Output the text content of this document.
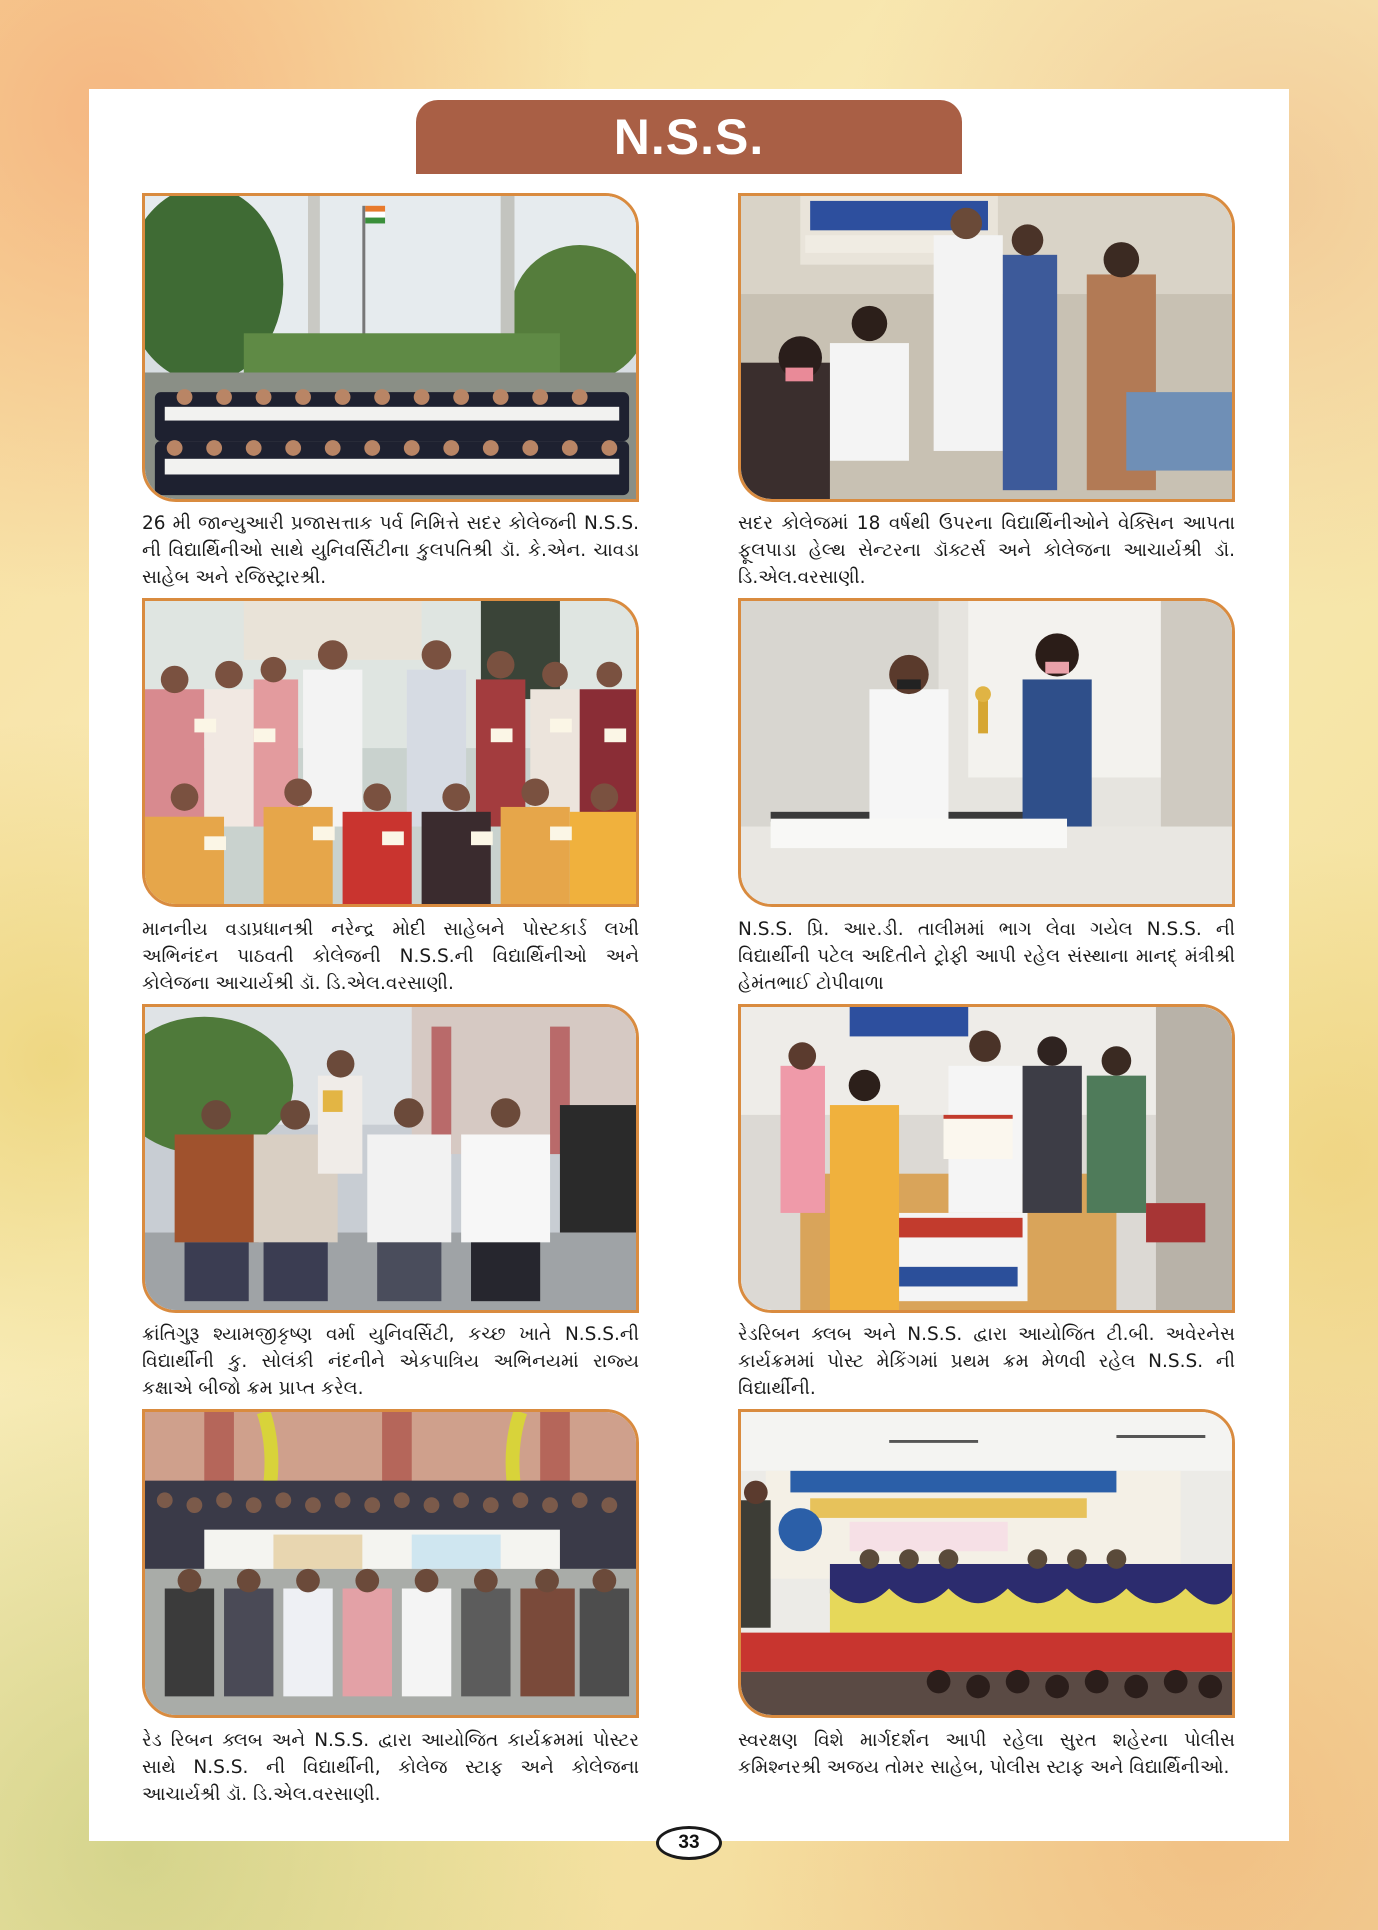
N.S.S.
26 મી જાન્યુઆરી પ્રજાસત્તાક પર્વ નિમિત્તે સદર કોલેજની N.S.S. ની વિદ્યાર્થિનીઓ સાથે યુનિવર્સિટીના કુલપતિશ્રી ડૉ. કે.એન. ચાવડા સાહેબ અને રજિસ્ટ્રારશ્રી.
સદર કોલેજમાં 18 વર્ષથી ઉપરના વિદ્યાર્થિનીઓને વેક્સિન આપતા ફૂલપાડા હેલ્થ સેન્ટરના ડૉક્ટર્સ અને કોલેજના આચાર્યશ્રી ડૉ. ડિ.એલ.વરસાણી.
માનનીય વડાપ્રધાનશ્રી નરેન્દ્ર મોદી સાહેબને પોસ્ટકાર્ડ લખી અભિનંદન પાઠવતી કોલેજની N.S.S.ની વિદ્યાર્થિનીઓ અને કોલેજના આચાર્યશ્રી ડૉ. ડિ.એલ.વરસાણી.
N.S.S. પ્રિ. આર.ડી. તાલીમમાં ભાગ લેવા ગયેલ N.S.S. ની વિદ્યાર્થીની પટેલ અદિતીને ટ્રોફી આપી રહેલ સંસ્થાના માનદ્ મંત્રીશ્રી હેમંતભાઈ ટોપીવાળા
ક્રાંતિગુરૂ શ્યામજીકૃષ્ણ વર્મા યુનિવર્સિટી, કચ્છ ખાતે N.S.S.ની વિદ્યાર્થીની કુ. સોલંકી નંદનીને એકપાત્રિય અભિનયમાં રાજ્ય કક્ષાએ બીજો ક્રમ પ્રાપ્ત કરેલ.
રેડરિબન ક્લબ અને N.S.S. દ્વારા આયોજિત ટી.બી. અવેરનેસ કાર્યક્રમમાં પોસ્ટ મેકિંગમાં પ્રથમ ક્રમ મેળવી રહેલ N.S.S. ની વિદ્યાર્થીની.
રેડ રિબન ક્લબ અને N.S.S. દ્વારા આયોજિત કાર્યક્રમમાં પોસ્ટર સાથે N.S.S. ની વિદ્યાર્થીની, કોલેજ સ્ટાફ અને કોલેજના આચાર્યશ્રી ડૉ. ડિ.એલ.વરસાણી.
સ્વરક્ષણ વિશે માર્ગદર્શન આપી રહેલા સુરત શહેરના પોલીસ કમિશ્નરશ્રી અજય તોમર સાહેબ, પોલીસ સ્ટાફ અને વિદ્યાર્થિનીઓ.
33
